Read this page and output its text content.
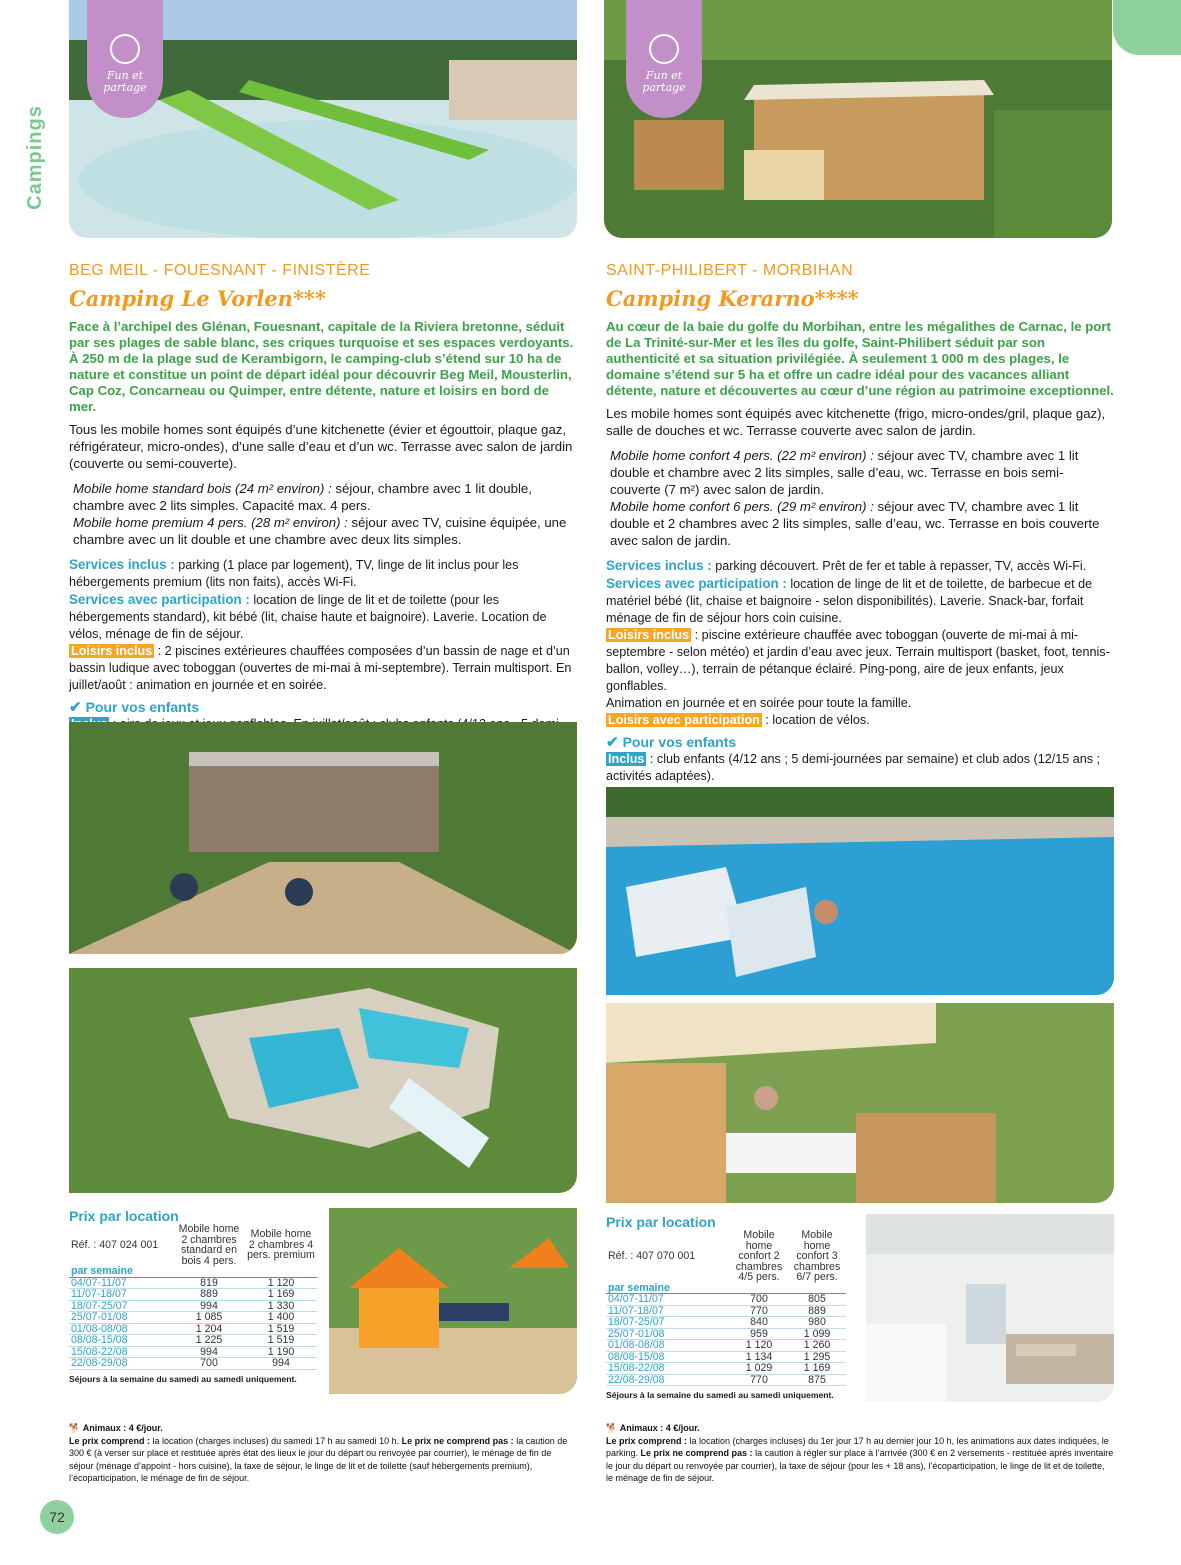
Campings
Fun et
partage
Fun et
partage
BEG MEIL - FOUESNANT - FINISTÈRE
Camping Le Vorlen***
Face à l’archipel des Glénan, Fouesnant, capitale de la Riviera bretonne, séduit par ses plages de sable blanc, ses criques turquoise et ses espaces verdoyants. À 250 m de la plage sud de Kerambigorn, le camping-club s’étend sur 10 ha de nature et constitue un point de départ idéal pour découvrir Beg Meil, Mousterlin, Cap Coz, Concarneau ou Quimper, entre détente, nature et loisirs en bord de mer.
Tous les mobile homes sont équipés d’une kitchenette (évier et égouttoir, plaque gaz, réfrigérateur, micro-ondes), d’une salle d’eau et d’un wc. Terrasse avec salon de jardin (couverte ou semi-couverte).
Mobile home standard bois (24 m² environ) : séjour, chambre avec 1 lit double, chambre avec 2 lits simples. Capacité max. 4 pers.
Mobile home premium 4 pers. (28 m² environ) : séjour avec TV, cuisine équipée, une chambre avec un lit double et une chambre avec deux lits simples.
Services inclus : parking (1 place par logement), TV, linge de lit inclus pour les hébergements premium (lits non faits), accès Wi-Fi.
Services avec participation : location de linge de lit et de toilette (pour les hébergements standard), kit bébé (lit, chaise haute et baignoire). Laverie. Location de vélos, ménage de fin de séjour.
Loisirs inclus : 2 piscines extérieures chauffées composées d’un bassin de nage et d’un bassin ludique avec toboggan (ouvertes de mi-mai à mi-septembre). Terrain multisport. En juillet/août : animation en journée et en soirée.
✔ Pour vos enfants
Prix par location
Réf. : 407 024 001	Mobile home 2 chambres standard en bois 4 pers.	Mobile home 2 chambres 4 pers. premium
par semaine		
04/07-11/07	819	1 120
11/07-18/07	889	1 169
18/07-25/07	994	1 330
25/07-01/08	1 085	1 400
01/08-08/08	1 204	1 519
08/08-15/08	1 225	1 519
15/08-22/08	994	1 190
22/08-29/08	700	994
Séjours à la semaine du samedi au samedi uniquement.
🐕 Animaux : 4 €/jour.
Le prix comprend : la location (charges incluses) du samedi 17 h au samedi 10 h. Le prix ne comprend pas : la caution de 300 € (à verser sur place et restituée après état des lieux le jour du départ ou renvoyée par courrier), le ménage de fin de séjour (ménage d’appoint - hors cuisine), la taxe de séjour, le linge de lit et de toilette (sauf hébergements premium), l’écoparticipation, le ménage de fin de séjour.
SAINT-PHILIBERT - MORBIHAN
Camping Kerarno****
Au cœur de la baie du golfe du Morbihan, entre les mégalithes de Carnac, le port de La Trinité-sur-Mer et les îles du golfe, Saint-Philibert séduit par son authenticité et sa situation privilégiée. À seulement 1 000 m des plages, le domaine s’étend sur 5 ha et offre un cadre idéal pour des vacances alliant détente, nature et découvertes au cœur d’une région au patrimoine exceptionnel.
Les mobile homes sont équipés avec kitchenette (frigo, micro-ondes/gril, plaque gaz), salle de douches et wc. Terrasse couverte avec salon de jardin.
Mobile home confort 4 pers. (22 m² environ) : séjour avec TV, chambre avec 1 lit double et chambre avec 2 lits simples, salle d’eau, wc. Terrasse en bois semi-couverte (7 m²) avec salon de jardin.
Mobile home confort 6 pers. (29 m² environ) : séjour avec TV, chambre avec 1 lit double et 2 chambres avec 2 lits simples, salle d’eau, wc. Terrasse en bois couverte avec salon de jardin.
Services inclus : parking découvert. Prêt de fer et table à repasser, TV, accès Wi-Fi.
Services avec participation : location de linge de lit et de toilette, de barbecue et de matériel bébé (lit, chaise et baignoire - selon disponibilités). Laverie. Snack-bar, forfait ménage de fin de séjour hors coin cuisine.
Loisirs inclus : piscine extérieure chauffée avec toboggan (ouverte de mi-mai à mi-septembre - selon météo) et jardin d’eau avec jeux. Terrain multisport (basket, foot, tennis-ballon, volley…), terrain de pétanque éclairé. Ping-pong, aire de jeux enfants, jeux gonflables.
Animation en journée et en soirée pour toute la famille.
Loisirs avec participation : location de vélos.
✔ Pour vos enfants
Inclus : club enfants (4/12 ans ; 5 demi-journées par semaine) et club ados (12/15 ans ; activités adaptées).
Prix par location
Réf. : 407 070 001	Mobile home confort 2 chambres 4/5 pers.	Mobile home confort 3 chambres 6/7 pers.
par semaine		
04/07-11/07	700	805
11/07-18/07	770	889
18/07-25/07	840	980
25/07-01/08	959	1 099
01/08-08/08	1 120	1 260
08/08-15/08	1 134	1 295
15/08-22/08	1 029	1 169
22/08-29/08	770	875
Séjours à la semaine du samedi au samedi uniquement.
🐕 Animaux : 4 €/jour.
Le prix comprend : la location (charges incluses) du 1er jour 17 h au dernier jour 10 h, les animations aux dates indiquées, le parking. Le prix ne comprend pas : la caution à régler sur place à l’arrivée (300 € en 2 versements - restituée après inventaire le jour du départ ou renvoyée par courrier), la taxe de séjour (pour les + 18 ans), l’écoparticipation, le linge de lit et de toilette, le ménage de fin de séjour.
72
